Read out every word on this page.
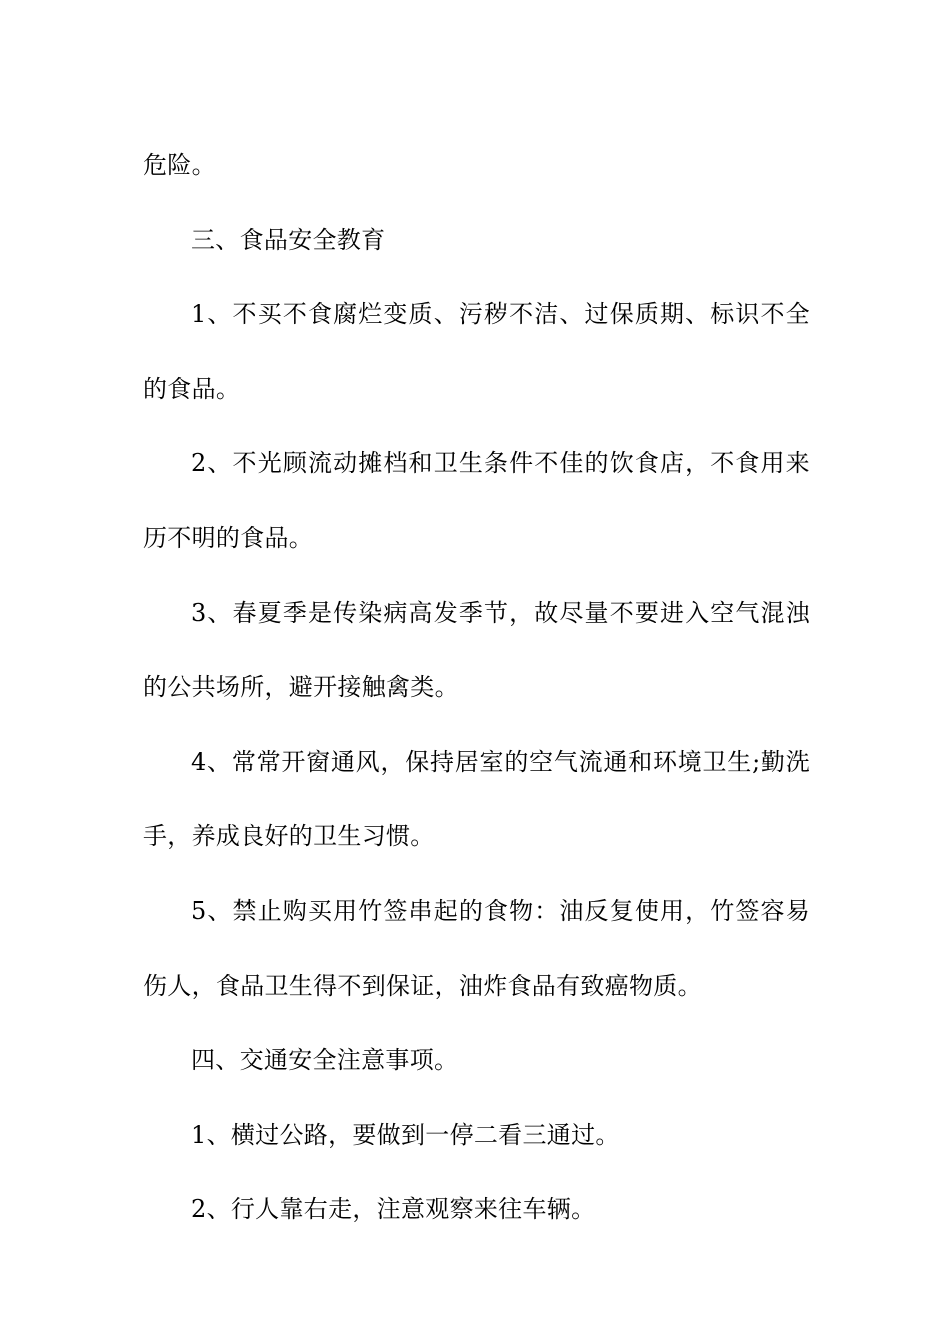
危险。

三、食品安全教育

1、不买不食腐烂变质、污秽不洁、过保质期、标识不全的食品。

2、不光顾流动摊档和卫生条件不佳的饮食店，不食用来历不明的食品。

3、春夏季是传染病高发季节，故尽量不要进入空气混浊的公共场所，避开接触禽类。

4、常常开窗通风，保持居室的空气流通和环境卫生;勤洗手，养成良好的卫生习惯。

5、禁止购买用竹签串起的食物：油反复使用，竹签容易伤人，食品卫生得不到保证，油炸食品有致癌物质。

四、交通安全注意事项。

1、横过公路，要做到一停二看三通过。

2、行人靠右走，注意观察来往车辆。
